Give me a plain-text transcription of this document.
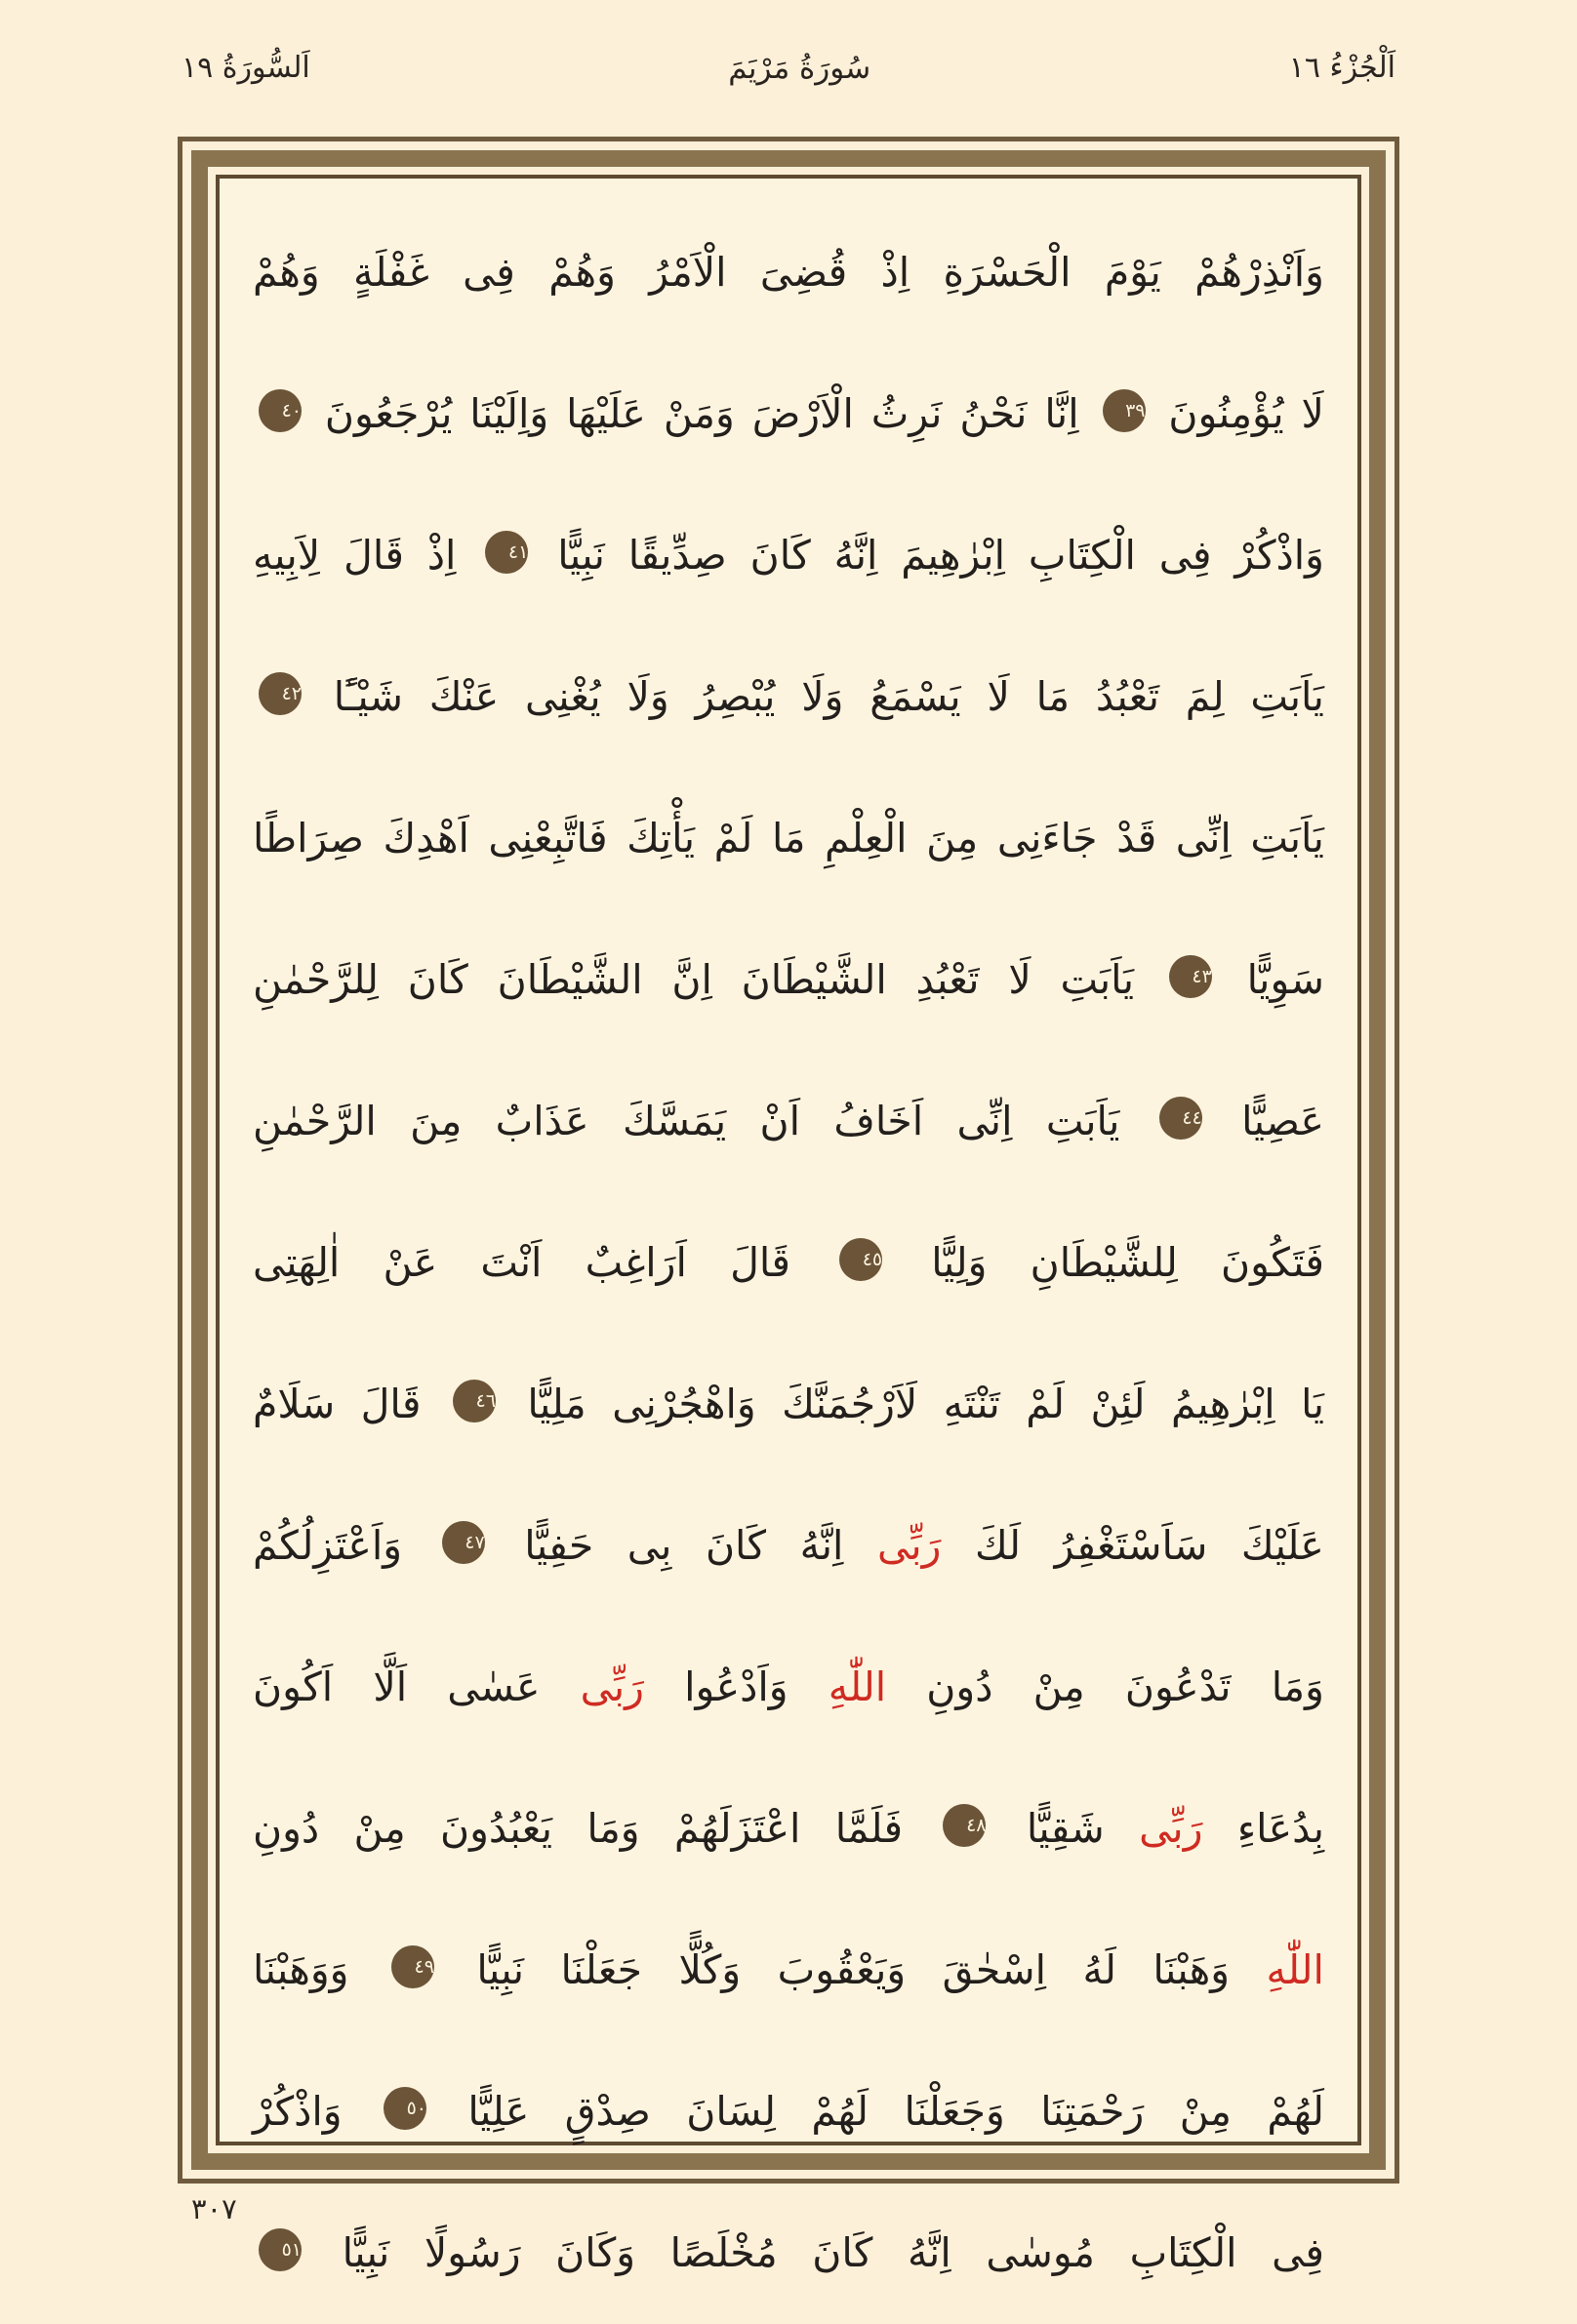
اَلْجُزْءُ ١٦
سُورَةُ مَرْيَمَ
اَلسُّورَةُ ١٩
وَاَنْذِرْهُمْ يَوْمَ الْحَسْرَةِ اِذْ قُضِىَ الْاَمْرُ وَهُمْ فِى غَفْلَةٍ وَهُمْ
لَا يُؤْمِنُونَ ٣٩ اِنَّا نَحْنُ نَرِثُ الْاَرْضَ وَمَنْ عَلَيْهَا وَاِلَيْنَا يُرْجَعُونَ ٤٠
وَاذْكُرْ فِى الْكِتَابِ اِبْرٰهِيمَ اِنَّهُ كَانَ صِدِّيقًا نَبِيًّا ٤١ اِذْ قَالَ لِاَبِيهِ
يَاَبَتِ لِمَ تَعْبُدُ مَا لَا يَسْمَعُ وَلَا يُبْصِرُ وَلَا يُغْنِى عَنْكَ شَيْـًٔا ٤٢
يَاَبَتِ اِنِّى قَدْ جَاءَنِى مِنَ الْعِلْمِ مَا لَمْ يَأْتِكَ فَاتَّبِعْنِى اَهْدِكَ صِرَاطًا
سَوِيًّا ٤٣ يَاَبَتِ لَا تَعْبُدِ الشَّيْطَانَ اِنَّ الشَّيْطَانَ كَانَ لِلرَّحْمٰنِ
عَصِيًّا ٤٤ يَاَبَتِ اِنِّى اَخَافُ اَنْ يَمَسَّكَ عَذَابٌ مِنَ الرَّحْمٰنِ
فَتَكُونَ لِلشَّيْطَانِ وَلِيًّا ٤٥ قَالَ اَرَاغِبٌ اَنْتَ عَنْ اٰلِهَتِى
يَا اِبْرٰهِيمُ لَئِنْ لَمْ تَنْتَهِ لَاَرْجُمَنَّكَ وَاهْجُرْنِى مَلِيًّا ٤٦ قَالَ سَلَامٌ
عَلَيْكَ سَاَسْتَغْفِرُ لَكَ رَبِّى اِنَّهُ كَانَ بِى حَفِيًّا ٤٧ وَاَعْتَزِلُكُمْ
وَمَا تَدْعُونَ مِنْ دُونِ اللّٰهِ وَاَدْعُوا رَبِّى عَسٰى اَلَّا اَكُونَ
بِدُعَاءِ رَبِّى شَقِيًّا ٤٨ فَلَمَّا اعْتَزَلَهُمْ وَمَا يَعْبُدُونَ مِنْ دُونِ
اللّٰهِ وَهَبْنَا لَهُ اِسْحٰقَ وَيَعْقُوبَ وَكُلًّا جَعَلْنَا نَبِيًّا ٤٩ وَوَهَبْنَا
لَهُمْ مِنْ رَحْمَتِنَا وَجَعَلْنَا لَهُمْ لِسَانَ صِدْقٍ عَلِيًّا ٥٠ وَاذْكُرْ
فِى الْكِتَابِ مُوسٰى اِنَّهُ كَانَ مُخْلَصًا وَكَانَ رَسُولًا نَبِيًّا ٥١
٣٠٧
